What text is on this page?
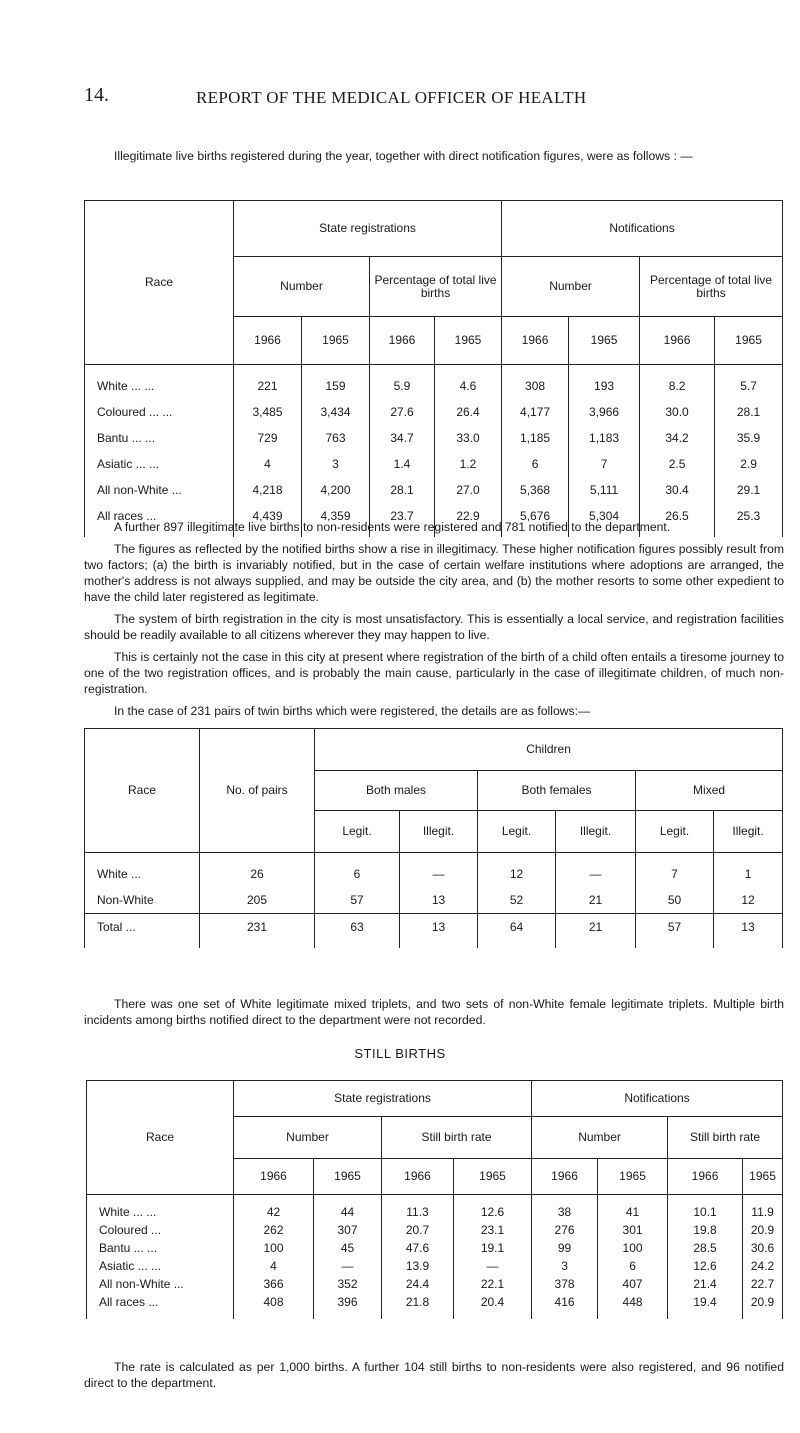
14.	REPORT OF THE MEDICAL OFFICER OF HEALTH
Illegitimate live births registered during the year, together with direct notification figures, were as follows : —
Race	State registrations				Notifications			
	Number		Percentage of total live births		Number		Percentage of total live births	
	1966	1965	1966	1965	1966	1965	1966	1965
White ... ...	221	159	5.9	4.6	308	193	8.2	5.7
Coloured ... ...	3,485	3,434	27.6	26.4	4,177	3,966	30.0	28.1
Bantu ... ...	729	763	34.7	33.0	1,185	1,183	34.2	35.9
Asiatic ... ...	4	3	1.4	1.2	6	7	2.5	2.9
All non-White ...	4,218	4,200	28.1	27.0	5,368	5,111	30.4	29.1
All races ...	4,439	4,359	23.7	22.9	5,676	5,304	26.5	25.3
A further 897 illegitimate live births to non-residents were registered and 781 notified to the department.
The figures as reflected by the notified births show a rise in illegitimacy. These higher notification figures possibly result from two factors; (a) the birth is invariably notified, but in the case of certain welfare institutions where adoptions are arranged, the mother's address is not always supplied, and may be outside the city area, and (b) the mother resorts to some other expedient to have the child later registered as legitimate.
The system of birth registration in the city is most unsatisfactory. This is essentially a local service, and registration facilities should be readily available to all citizens wherever they may happen to live.
This is certainly not the case in this city at present where registration of the birth of a child often entails a tiresome journey to one of the two registration offices, and is probably the main cause, particularly in the case of illegitimate children, of much non-registration.
In the case of 231 pairs of twin births which were registered, the details are as follows:—
Race	No. of pairs	Children					
		Both males		Both females		Mixed	
		Legit.	Illegit.	Legit.	Illegit.	Legit.	Illegit.
White ...	26	6	—	12	—	7	1
Non-White	205	57	13	52	21	50	12
Total ...	231	63	13	64	21	57	13
There was one set of White legitimate mixed triplets, and two sets of non-White female legitimate triplets. Multiple birth incidents among births notified direct to the department were not recorded.
STILL BIRTHS
Race	State registrations				Notifications			
	Number		Still birth rate		Number		Still birth rate	
	1966	1965	1966	1965	1966	1965	1966	1965
White ... ...	42	44	11.3	12.6	38	41	10.1	11.9
Coloured ...	262	307	20.7	23.1	276	301	19.8	20.9
Bantu ... ...	100	45	47.6	19.1	99	100	28.5	30.6
Asiatic ... ...	4	—	13.9	—	3	6	12.6	24.2
All non-White ...	366	352	24.4	22.1	378	407	21.4	22.7
All races ...	408	396	21.8	20.4	416	448	19.4	20.9
The rate is calculated as per 1,000 births. A further 104 still births to non-residents were also registered, and 96 notified direct to the department.
